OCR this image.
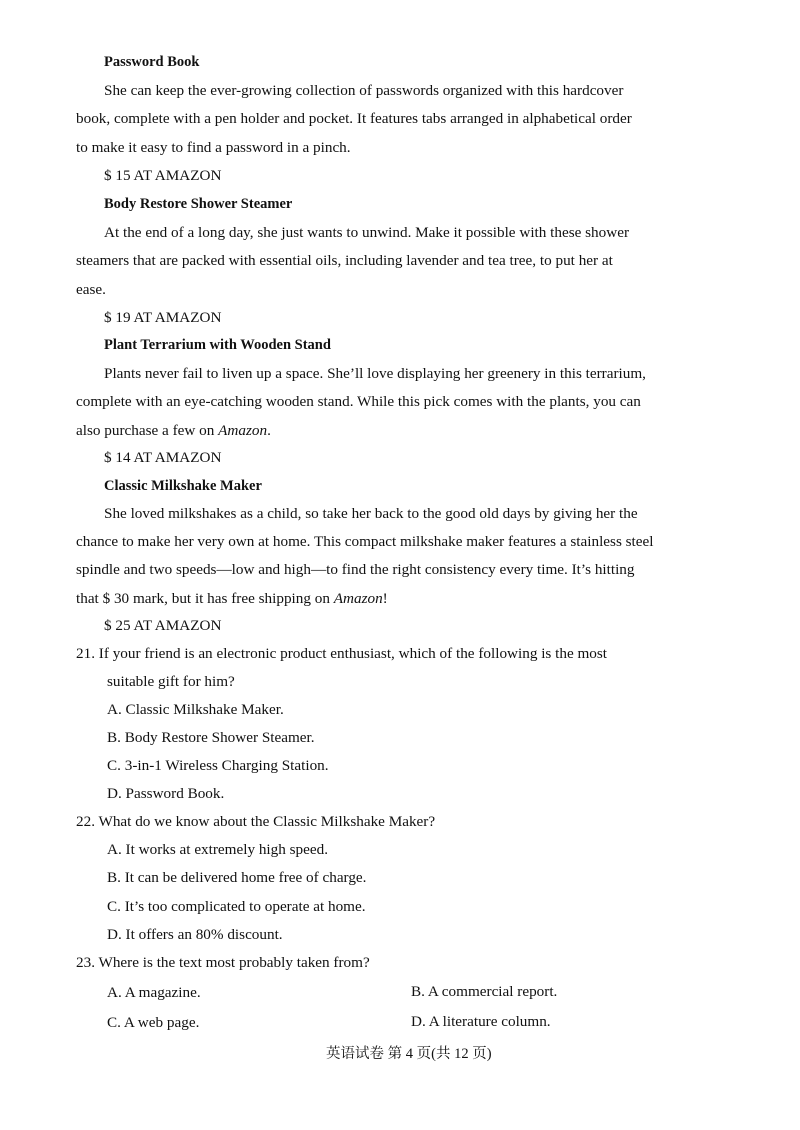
Password Book
She can keep the ever-growing collection of passwords organized with this hardcover
book, complete with a pen holder and pocket. It features tabs arranged in alphabetical order
to make it easy to find a password in a pinch.
$ 15 AT AMAZON
Body Restore Shower Steamer
At the end of a long day, she just wants to unwind. Make it possible with these shower
steamers that are packed with essential oils, including lavender and tea tree, to put her at
ease.
$ 19 AT AMAZON
Plant Terrarium with Wooden Stand
Plants never fail to liven up a space. She’ll love displaying her greenery in this terrarium,
complete with an eye-catching wooden stand. While this pick comes with the plants, you can
also purchase a few on Amazon.
$ 14 AT AMAZON
Classic Milkshake Maker
She loved milkshakes as a child, so take her back to the good old days by giving her the
chance to make her very own at home. This compact milkshake maker features a stainless steel
spindle and two speeds—low and high—to find the right consistency every time. It’s hitting
that $ 30 mark, but it has free shipping on Amazon!
$ 25 AT AMAZON
21. If your friend is an electronic product enthusiast, which of the following is the most
suitable gift for him?
A. Classic Milkshake Maker.
B. Body Restore Shower Steamer.
C. 3-in-1 Wireless Charging Station.
D. Password Book.
22. What do we know about the Classic Milkshake Maker?
A. It works at extremely high speed.
B. It can be delivered home free of charge.
C. It’s too complicated to operate at home.
D. It offers an 80% discount.
23. Where is the text most probably taken from?
A. A magazine.	B. A commercial report.
C. A web page.	D. A literature column.
英语试卷 第 4 页(共 12 页)
